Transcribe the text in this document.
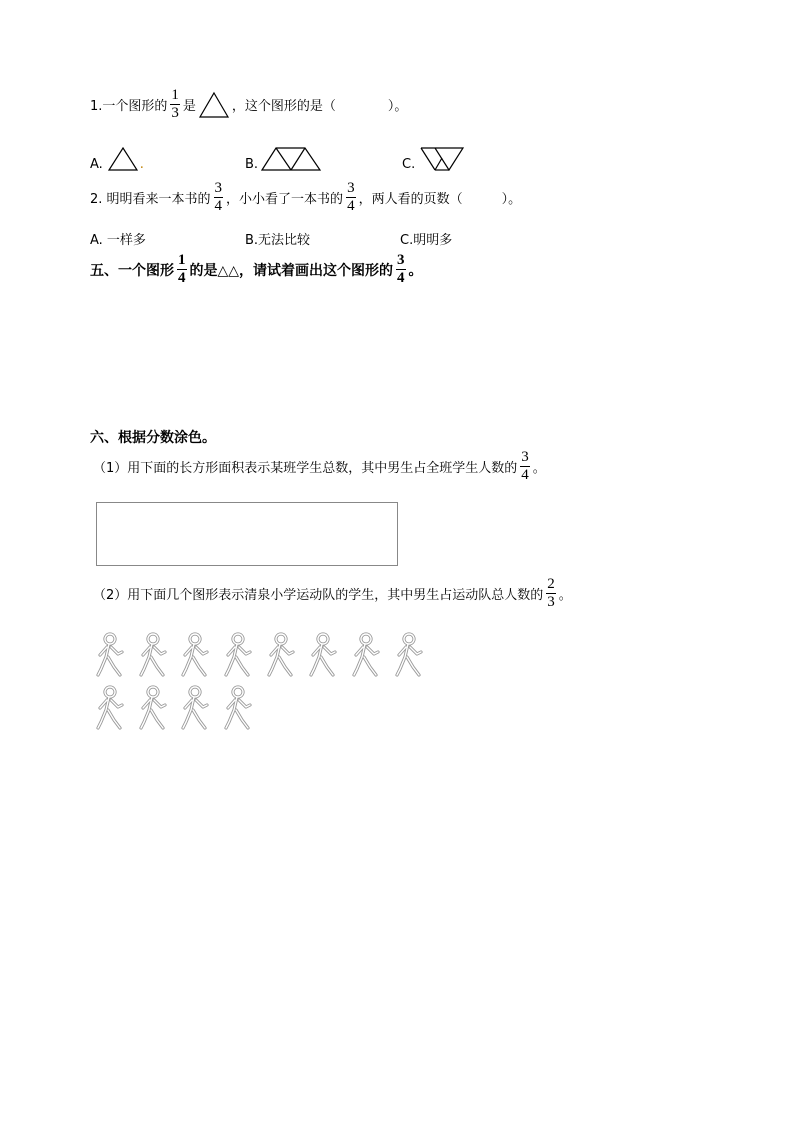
1.一个图形的 $\frac{1}{3}$ 是	，这个图形的是（　　　　）。
A.	.	B.	C.
2. 明明看来一本书的 $\frac{3}{4}$ ，小小看了一本书的 $\frac{3}{4}$ ，两人看的页数（　　　）。
A. 一样多	B.无法比较	C.明明多
五、一个图形 $\frac{1}{4}$ 的是△△，请试着画出这个图形的 $\frac{3}{4}$ 。
六、根据分数涂色。
（1）用下面的长方形面积表示某班学生总数，其中男生占全班学生人数的 $\frac{3}{4}$ 。
（2）用下面几个图形表示清泉小学运动队的学生，其中男生占运动队总人数的 $\frac{2}{3}$ 。
